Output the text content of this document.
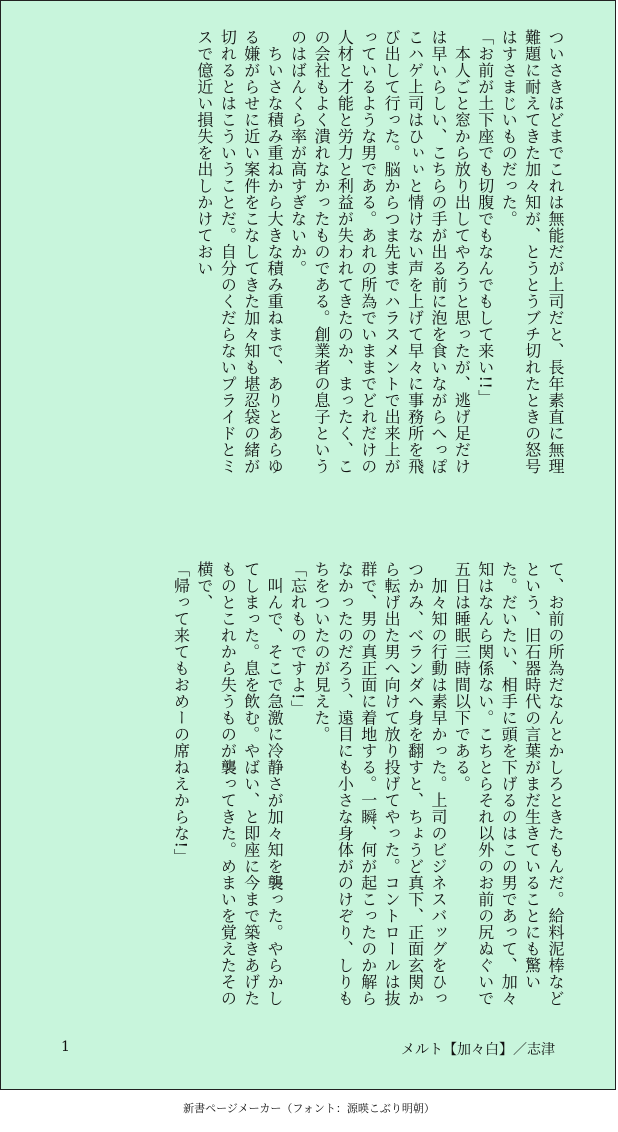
ついさきほどまでこれは無能だが上司だと、長年素直に無理難題に耐えてきた加々知が、とうとうブチ切れたときの怒号はすさまじいものだった。
「お前が土下座でも切腹でもなんでもして来い!!」
　本人ごと窓から放り出してやろうと思ったが、逃げ足だけは早いらしい、こちらの手が出る前に泡を食いながらへっぽこハゲ上司はひぃぃと情けない声を上げて早々に事務所を飛び出して行った。脳からつま先までハラスメントで出来上がっているような男である。あれの所為でいままでどれだけの人材と才能と労力と利益が失われてきたのか、まったく、この会社もよく潰れなかったものである。創業者の息子というのはばんくら率が高すぎないか。
　ちいさな積み重ねから大きな積み重ねまで、ありとあらゆる嫌がらせに近い案件をこなしてきた加々知も堪忍袋の緒が切れるとはこういうことだ。自分のくだらないプライドとミスで億近い損失を出しかけておい
て、お前の所為だなんとかしろときたもんだ。給料泥棒などという、旧石器時代の言葉がまだ生きていることにも驚いた。だいたい、相手に頭を下げるのはこの男であって、加々知はなんら関係ない。こちとらそれ以外のお前の尻ぬぐいで五日は睡眠三時間以下である。
　加々知の行動は素早かった。上司のビジネスバッグをひっつかみ、ベランダへ身を翻すと、ちょうど真下、正面玄関から転げ出た男へ向けて放り投げてやった。コントロールは抜群で、男の真正面に着地する。一瞬、何が起こったのか解らなかったのだろう、遠目にも小さな身体がのけぞり、しりもちをついたのが見えた。
「忘れものですよ!」
　叫んで、そこで急激に冷静さが加々知を襲った。やらかしてしまった。息を飲む。やばい、と即座に今まで築きあげたものとこれから失うものが襲ってきた。めまいを覚えたその横で、
「帰って来てもおめーの席ねえからな!」
1	メルト【加々白】／志津
新書ページメーカー（フォント：源暎こぶり明朝）
